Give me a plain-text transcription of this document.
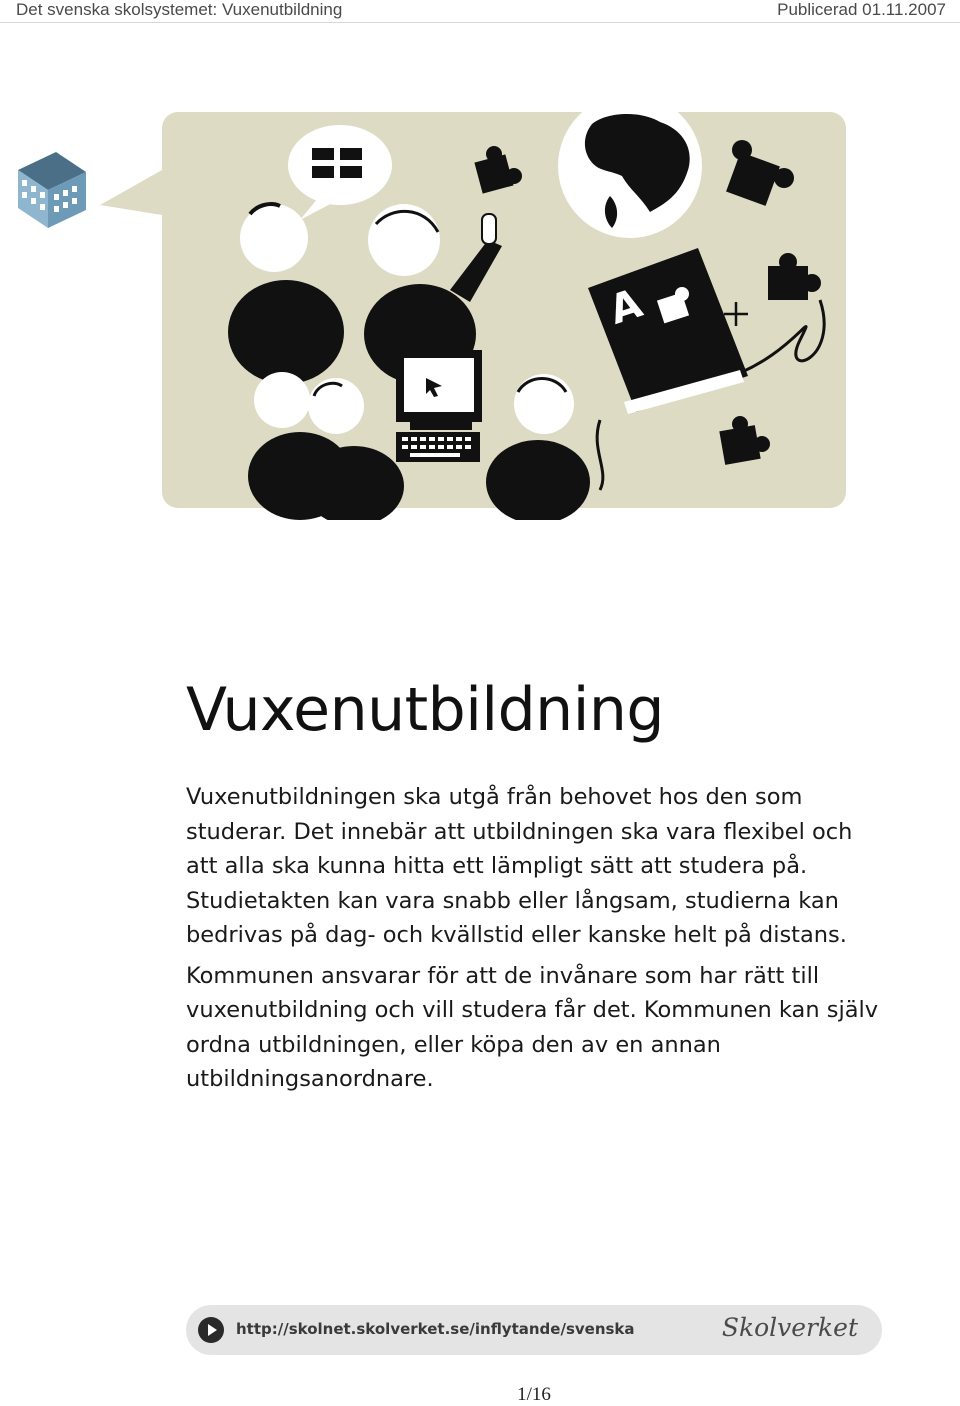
Det svenska skolsystemet: Vuxenutbildning	Publicerad 01.11.2007
A
Vuxenutbildning

Vuxenutbildningen ska utgå från behovet hos den som studerar. Det innebär att utbildningen ska vara flexibel och att alla ska kunna hitta ett lämpligt sätt att studera på. Studietakten kan vara snabb eller långsam, studierna kan bedrivas på dag- och kvällstid eller kanske helt på distans.

Kommunen ansvarar för att de invånare som har rätt till vuxenutbildning och vill studera får det. Kommunen kan själv ordna utbildningen, eller köpa den av en annan utbildningsanordnare.

http://skolnet.skolverket.se/inflytande/svenska	Skolverket
1/16
